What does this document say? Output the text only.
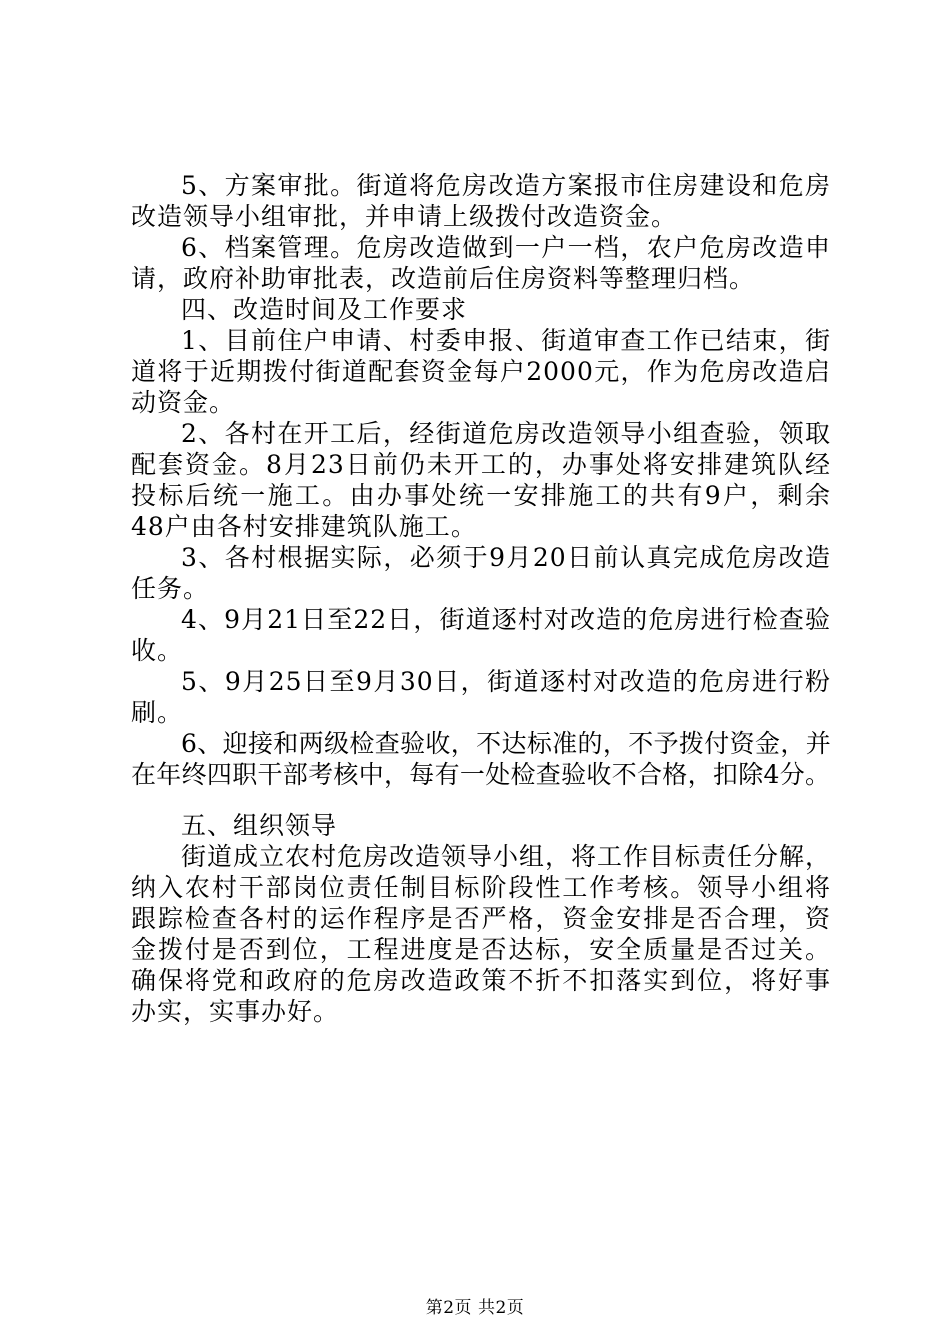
5、方案审批。街道将危房改造方案报市住房建设和危房改造领导小组审批，并申请上级拨付改造资金。

6、档案管理。危房改造做到一户一档，农户危房改造申请，政府补助审批表，改造前后住房资料等整理归档。

四、改造时间及工作要求

1、目前住户申请、村委申报、街道审查工作已结束，街道将于近期拨付街道配套资金每户2000元，作为危房改造启动资金。

2、各村在开工后，经街道危房改造领导小组查验，领取配套资金。8月23日前仍未开工的，办事处将安排建筑队经投标后统一施工。由办事处统一安排施工的共有9户，剩余48户由各村安排建筑队施工。

3、各村根据实际，必须于9月20日前认真完成危房改造任务。

4、9月21日至22日，街道逐村对改造的危房进行检查验收。

5、9月25日至9月30日，街道逐村对改造的危房进行粉刷。

6、迎接和两级检查验收，不达标准的，不予拨付资金，并在年终四职干部考核中，每有一处检查验收不合格，扣除4分。

五、组织领导

街道成立农村危房改造领导小组，将工作目标责任分解，纳入农村干部岗位责任制目标阶段性工作考核。领导小组将跟踪检查各村的运作程序是否严格，资金安排是否合理，资金拨付是否到位，工程进度是否达标，安全质量是否过关。确保将党和政府的危房改造政策不折不扣落实到位，将好事办实，实事办好。

第2页 共2页
